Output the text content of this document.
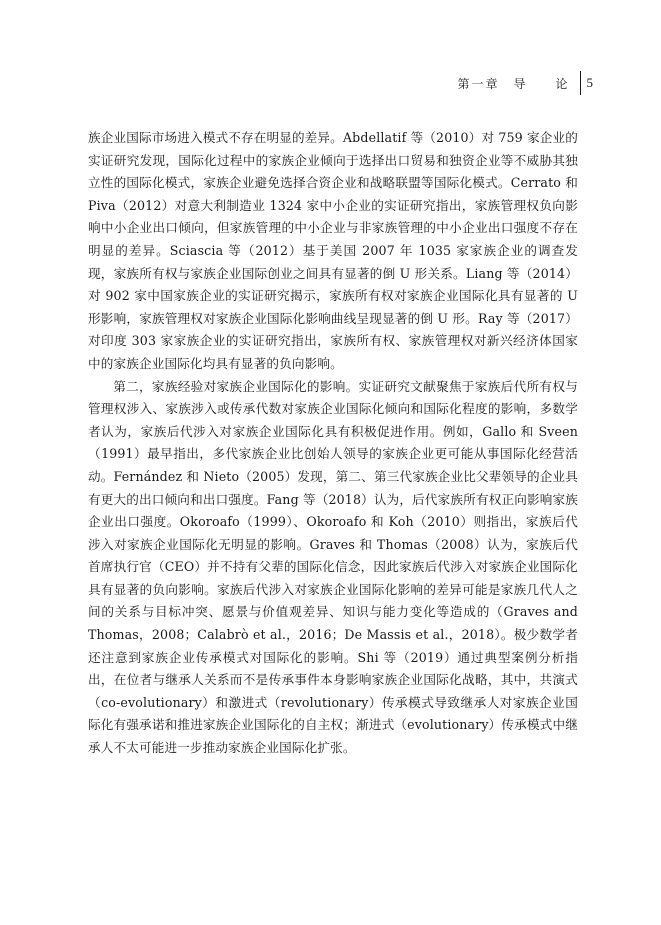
第一章　导　　论	5

族企业国际市场进入模式不存在明显的差异。Abdellatif 等（2010）对 759 家企业的实证研究发现，国际化过程中的家族企业倾向于选择出口贸易和独资企业等不威胁其独立性的国际化模式，家族企业避免选择合资企业和战略联盟等国际化模式。Cerrato 和 Piva（2012）对意大利制造业 1324 家中小企业的实证研究指出，家族管理权负向影响中小企业出口倾向，但家族管理的中小企业与非家族管理的中小企业出口强度不存在明显的差异。Sciascia 等（2012）基于美国 2007 年 1035 家家族企业的调查发现，家族所有权与家族企业国际创业之间具有显著的倒 U 形关系。Liang 等（2014）对 902 家中国家族企业的实证研究揭示，家族所有权对家族企业国际化具有显著的 U 形影响，家族管理权对家族企业国际化影响曲线呈现显著的倒 U 形。Ray 等（2017）对印度 303 家家族企业的实证研究指出，家族所有权、家族管理权对新兴经济体国家中的家族企业国际化均具有显著的负向影响。

第二，家族经验对家族企业国际化的影响。实证研究文献聚焦于家族后代所有权与管理权涉入、家族涉入或传承代数对家族企业国际化倾向和国际化程度的影响，多数学者认为，家族后代涉入对家族企业国际化具有积极促进作用。例如，Gallo 和 Sveen（1991）最早指出，多代家族企业比创始人领导的家族企业更可能从事国际化经营活动。Fernández 和 Nieto（2005）发现，第二、第三代家族企业比父辈领导的企业具有更大的出口倾向和出口强度。Fang 等（2018）认为，后代家族所有权正向影响家族企业出口强度。Okoroafo（1999）、Okoroafo 和 Koh（2010）则指出，家族后代涉入对家族企业国际化无明显的影响。Graves 和 Thomas（2008）认为，家族后代首席执行官（CEO）并不持有父辈的国际化信念，因此家族后代涉入对家族企业国际化具有显著的负向影响。家族后代涉入对家族企业国际化影响的差异可能是家族几代人之间的关系与目标冲突、愿景与价值观差异、知识与能力变化等造成的（Graves and Thomas，2008；Calabrò et al.，2016；De Massis et al.，2018）。极少数学者还注意到家族企业传承模式对国际化的影响。Shi 等（2019）通过典型案例分析指出，在位者与继承人关系而不是传承事件本身影响家族企业国际化战略，其中，共演式（co-evolutionary）和激进式（revolutionary）传承模式导致继承人对家族企业国际化有强承诺和推进家族企业国际化的自主权；渐进式（evolutionary）传承模式中继承人不太可能进一步推动家族企业国际化扩张。
